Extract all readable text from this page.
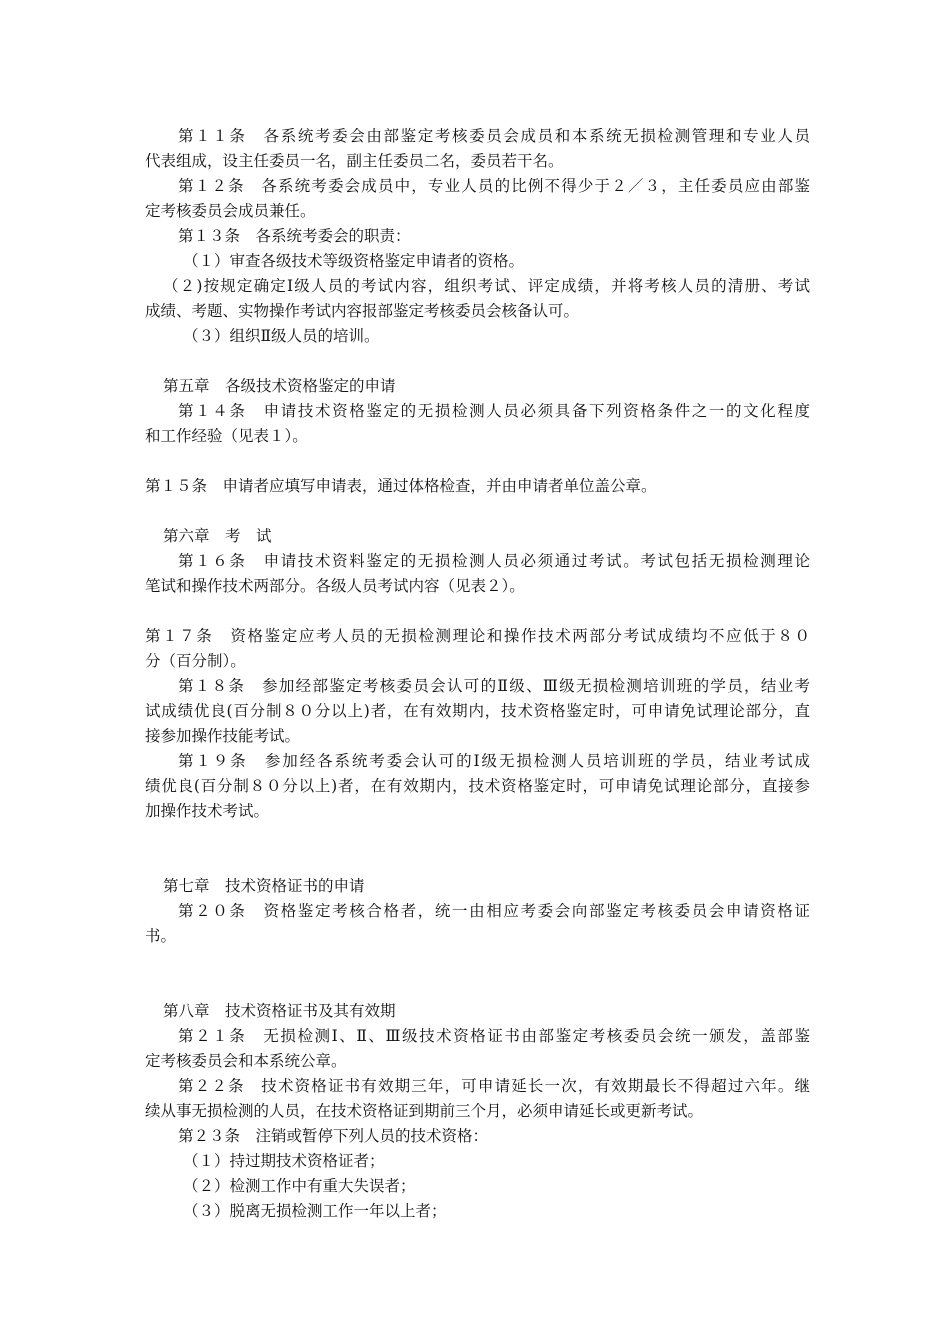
第１１条　各系统考委会由部鉴定考核委员会成员和本系统无损检测管理和专业人员
代表组成，设主任委员一名，副主任委员二名，委员若干名。
第１２条　各系统考委会成员中，专业人员的比例不得少于２／３，主任委员应由部鉴
定考核委员会成员兼任。
第１３条　各系统考委会的职责：
（１）审查各级技术等级资格鉴定申请者的资格。
（２)按规定确定Ⅰ级人员的考试内容，组织考试、评定成绩，并将考核人员的清册、考试
成绩、考题、实物操作考试内容报部鉴定考核委员会核备认可。
（３）组织Ⅱ级人员的培训。
第五章　各级技术资格鉴定的申请
第１４条　申请技术资格鉴定的无损检测人员必须具备下列资格条件之一的文化程度
和工作经验（见表１）。
第１５条　申请者应填写申请表，通过体格检查，并由申请者单位盖公章。
第六章　考　试
第１６条　申请技术资料鉴定的无损检测人员必须通过考试。考试包括无损检测理论
笔试和操作技术两部分。各级人员考试内容（见表２）。
第１７条　资格鉴定应考人员的无损检测理论和操作技术两部分考试成绩均不应低于８０
分（百分制）。
第１８条　参加经部鉴定考核委员会认可的Ⅱ级、Ⅲ级无损检测培训班的学员，结业考
试成绩优良(百分制８０分以上)者，在有效期内，技术资格鉴定时，可申请免试理论部分，直
接参加操作技能考试。
第１９条　参加经各系统考委会认可的Ⅰ级无损检测人员培训班的学员，结业考试成
绩优良(百分制８０分以上)者，在有效期内，技术资格鉴定时，可申请免试理论部分，直接参
加操作技术考试。
第七章　技术资格证书的申请
第２０条　资格鉴定考核合格者，统一由相应考委会向部鉴定考核委员会申请资格证
书。
第八章　技术资格证书及其有效期
第２１条　无损检测Ⅰ、Ⅱ、Ⅲ级技术资格证书由部鉴定考核委员会统一颁发，盖部鉴
定考核委员会和本系统公章。
第２２条　技术资格证书有效期三年，可申请延长一次，有效期最长不得超过六年。继
续从事无损检测的人员，在技术资格证到期前三个月，必须申请延长或更新考试。
第２３条　注销或暂停下列人员的技术资格：
（１）持过期技术资格证者；
（２）检测工作中有重大失误者；
（３）脱离无损检测工作一年以上者；
